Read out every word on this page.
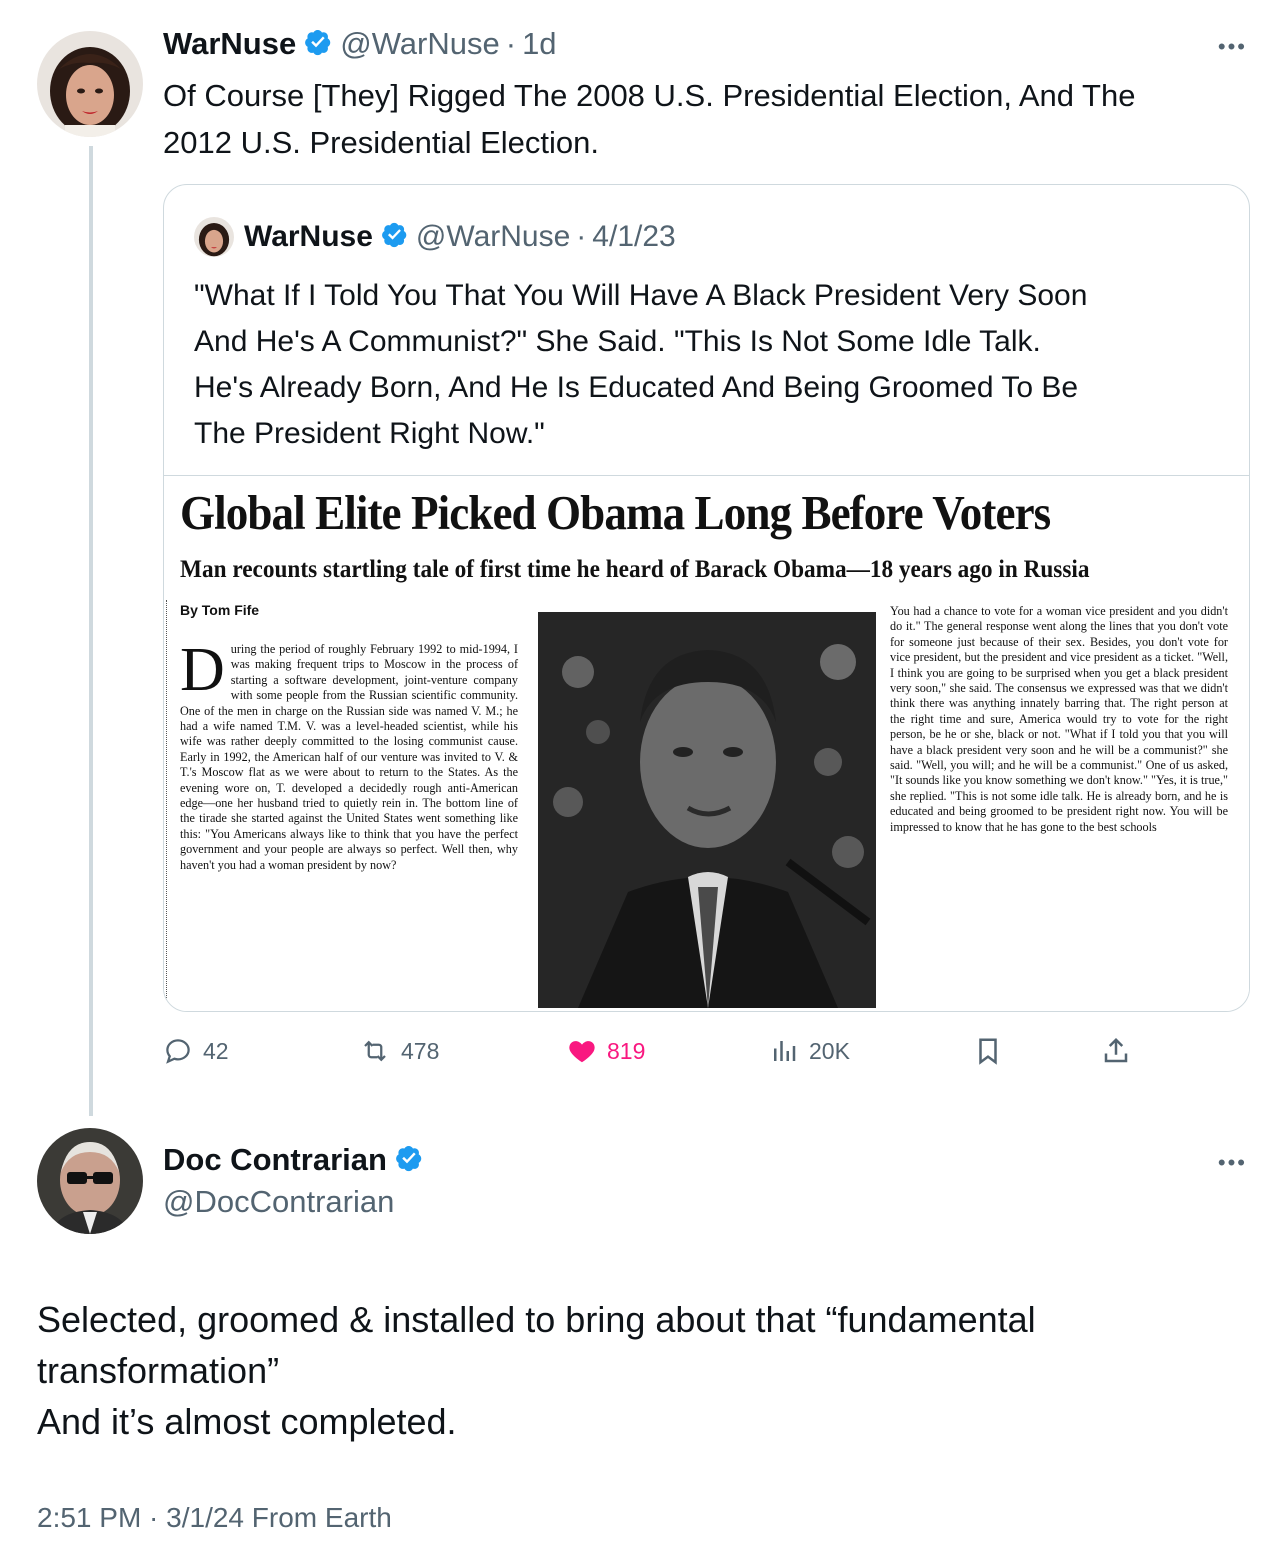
WarNuse @WarNuse · 1d	•••
Of Course [They] Rigged The 2008 U.S. Presidential Election, And The
2012 U.S. Presidential Election.
WarNuse @WarNuse · 4/1/23
"What If I Told You That You Will Have A Black President Very Soon
And He's A Communist?" She Said. "This Is Not Some Idle Talk.
He's Already Born, And He Is Educated And Being Groomed To Be
The President Right Now."
Global Elite Picked Obama Long Before Voters
Man recounts startling tale of first time he heard of Barack Obama—18 years ago in Russia
By Tom Fife
During the period of roughly February 1992 to mid-1994, I was making frequent trips to Moscow in the process of starting a software development, joint-venture company with some people from the Russian scientific community. One of the men in charge on the Russian side was named V. M.; he had a wife named T.M. V. was a level-headed scientist, while his wife was rather deeply committed to the losing communist cause. Early in 1992, the American half of our venture was invited to V. & T.'s Moscow flat as we were about to return to the States. As the evening wore on, T. developed a decidedly rough anti-American edge—one her husband tried to quietly rein in. The bottom line of the tirade she started against the United States went something like this: "You Americans always like to think that you have the perfect government and your people are always so perfect. Well then, why haven't you had a woman president by now?
You had a chance to vote for a woman vice president and you didn't do it." The general response went along the lines that you don't vote for someone just because of their sex. Besides, you don't vote for vice president, but the president and vice president as a ticket. "Well, I think you are going to be surprised when you get a black president very soon," she said. The consensus we expressed was that we didn't think there was anything innately barring that. The right person at the right time and sure, America would try to vote for the right person, be he or she, black or not. "What if I told you that you will have a black president very soon and he will be a communist?" she said. "Well, you will; and he will be a communist." One of us asked, "It sounds like you know something we don't know." "Yes, it is true," she replied. "This is not some idle talk. He is already born, and he is educated and being groomed to be president right now. You will be impressed to know that he has gone to the best schools
42	478	819	20K
Doc Contrarian
@DocContrarian
•••
Selected, groomed & installed to bring about that “fundamental
transformation”
And it’s almost completed.
2:51 PM · 3/1/24 From Earth
